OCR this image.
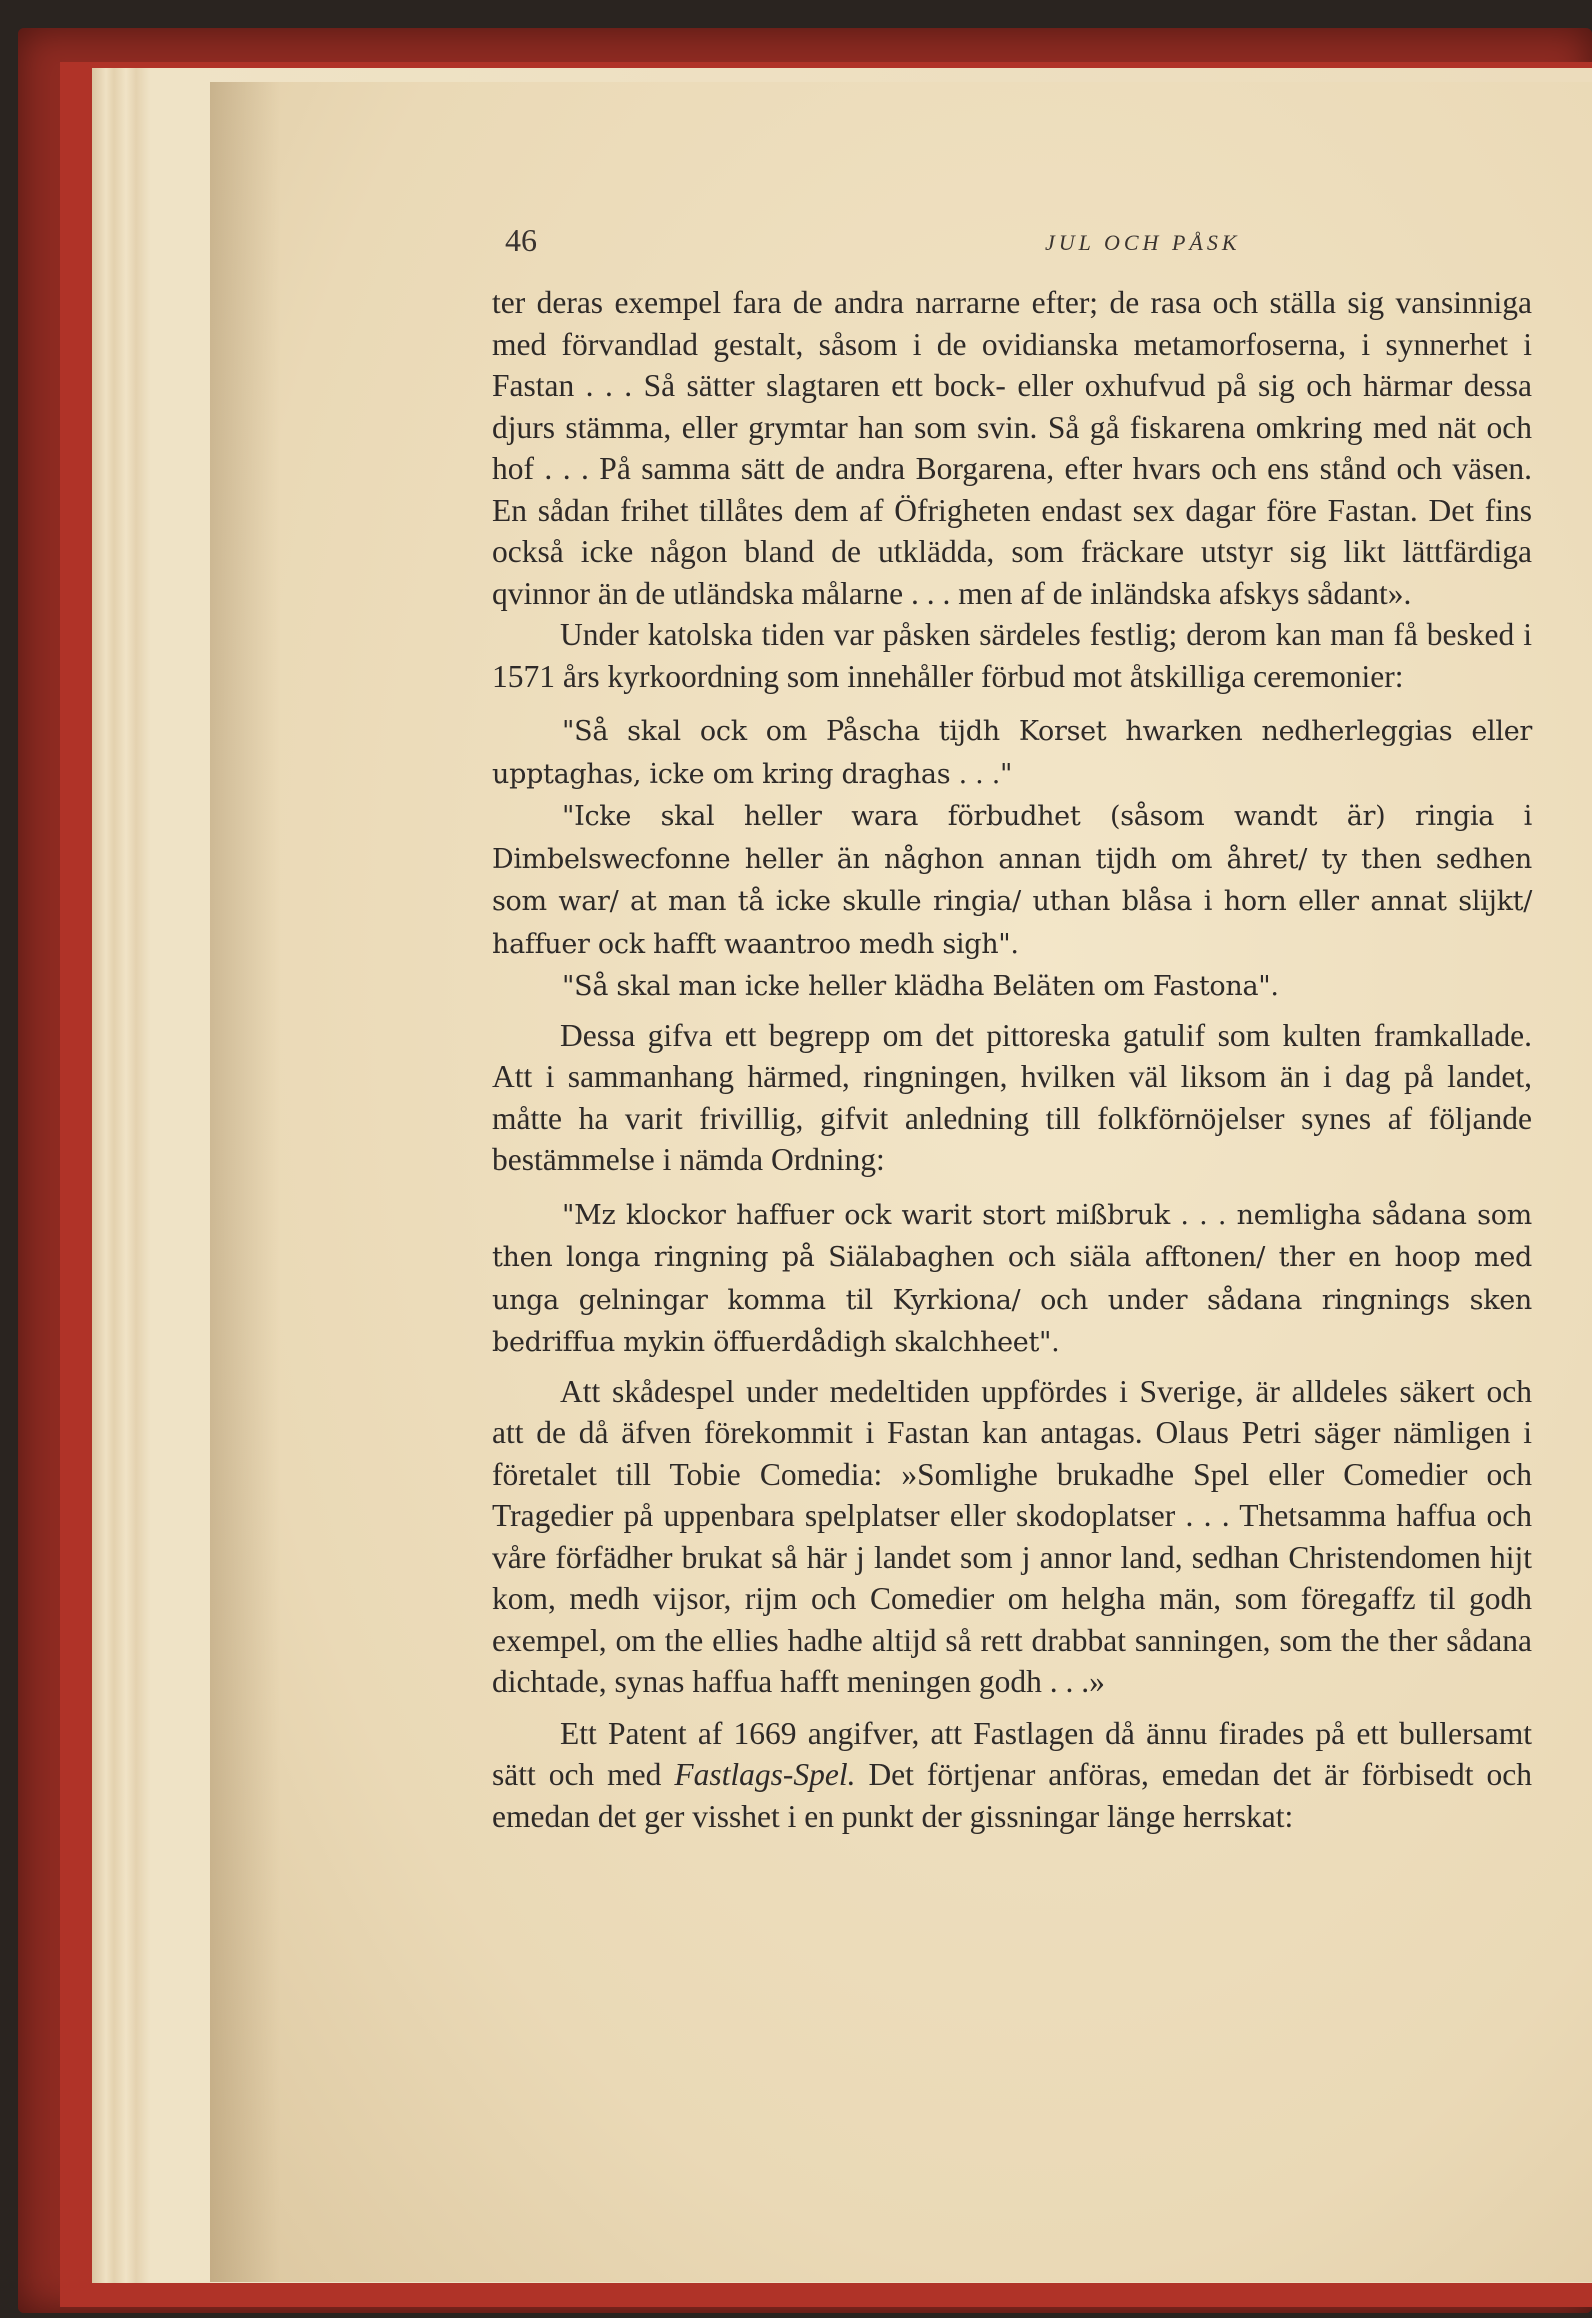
46	JUL OCH PÅSK

ter deras exempel fara de andra narrarne efter; de rasa och ställa sig vansinniga med förvandlad gestalt, såsom i de ovidianska metamorfoserna, i synnerhet i Fastan . . . Så sätter slagtaren ett bock- eller oxhufvud på sig och härmar dessa djurs stämma, eller grymtar han som svin. Så gå fiskarena omkring med nät och hof . . . På samma sätt de andra Borgarena, efter hvars och ens stånd och väsen. En sådan frihet tillåtes dem af Öfrigheten endast sex dagar före Fastan. Det fins också icke någon bland de utklädda, som fräckare utstyr sig likt lättfärdiga qvinnor än de utländska målarne . . . men af de inländska afskys sådant».

Under katolska tiden var påsken särdeles festlig; derom kan man få besked i 1571 års kyrkoordning som innehåller förbud mot åtskilliga ceremonier:

"Så skal ock om Påscha tijdh Korset hwarken nedherleggias eller upptaghas, icke om kring draghas . . ."

"Icke skal heller wara förbudhet (såsom wandt är) ringia i Dimbelswecfonne heller än någhon annan tijdh om åhret/ ty then sedhen som war/ at man tå icke skulle ringia/ uthan blåsa i horn eller annat slijkt/ haffuer ock hafft waantroo medh sigh".

"Så skal man icke heller klädha Beläten om Fastona".

Dessa gifva ett begrepp om det pittoreska gatulif som kulten framkallade. Att i sammanhang härmed, ringningen, hvilken väl liksom än i dag på landet, måtte ha varit frivillig, gifvit anledning till folkförnöjelser synes af följande bestämmelse i nämda Ordning:

"Mz klockor haffuer ock warit stort mißbruk . . . nemligha sådana som then longa ringning på Siälabaghen och siäla afftonen/ ther en hoop med unga gelningar komma til Kyrkiona/ och under sådana ringnings sken bedriffua mykin öffuerdådigh skalchheet".

Att skådespel under medeltiden uppfördes i Sverige, är alldeles säkert och att de då äfven förekommit i Fastan kan antagas. Olaus Petri säger nämligen i företalet till Tobie Comedia: »Somlighe brukadhe Spel eller Comedier och Tragedier på uppenbara spelplatser eller skodoplatser . . . Thetsamma haffua och våre förfädher brukat så här j landet som j annor land, sedhan Christendomen hijt kom, medh vijsor, rijm och Comedier om helgha män, som föregaffz til godh exempel, om the ellies hadhe altijd så rett drabbat sanningen, som the ther sådana dichtade, synas haffua hafft meningen godh . . .»

Ett Patent af 1669 angifver, att Fastlagen då ännu firades på ett bullersamt sätt och med Fastlags-Spel. Det förtjenar anföras, emedan det är förbisedt och emedan det ger visshet i en punkt der gissningar länge herrskat:
